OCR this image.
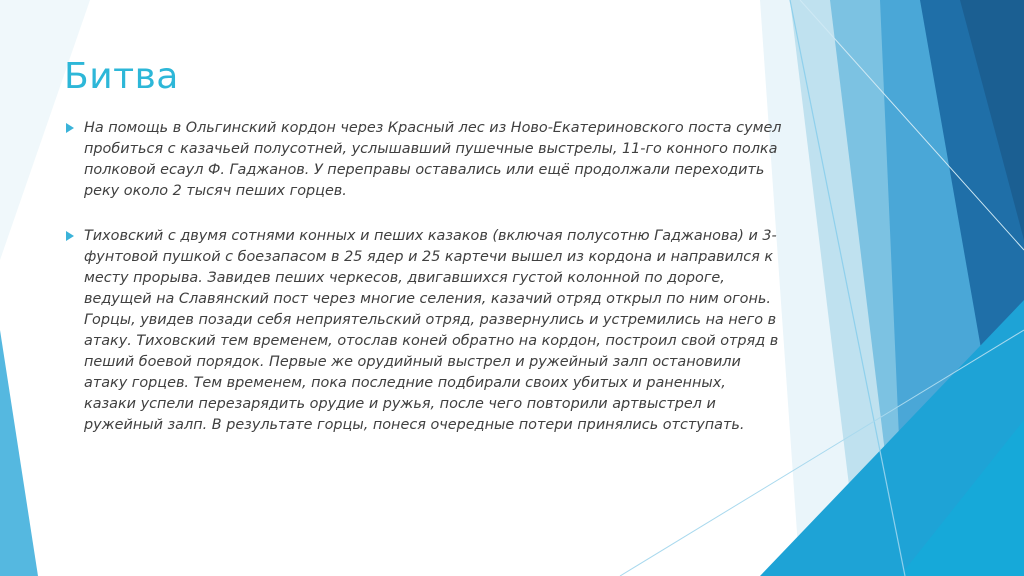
Битва
На помощь в Ольгинский кордон через Красный лес из Ново-Екатериновского поста сумел пробиться с казачьей полусотней, услышавший пушечные выстрелы, 11-го конного полка полковой есаул Ф. Гаджанов. У переправы оставались или ещё продолжали переходить реку около 2 тысяч пеших горцев.
Тиховский с двумя сотнями конных и пеших казаков (включая полусотню Гаджанова) и 3-фунтовой пушкой с боезапасом в 25 ядер и 25 картечи вышел из кордона и направился к месту прорыва. Завидев пеших черкесов, двигавшихся густой колонной по дороге, ведущей на Славянский пост через многие селения, казачий отряд открыл по ним огонь. Горцы, увидев позади себя неприятельский отряд, развернулись и устремились на него в атаку. Тиховский тем временем, отослав коней обратно на кордон, построил свой отряд в пеший боевой порядок. Первые же орудийный выстрел и ружейный залп остановили атаку горцев. Тем временем, пока последние подбирали своих убитых и раненных, казаки успели перезарядить орудие и ружья, после чего повторили артвыстрел и ружейный залп. В результате горцы, понеся очередные потери принялись отступать.
